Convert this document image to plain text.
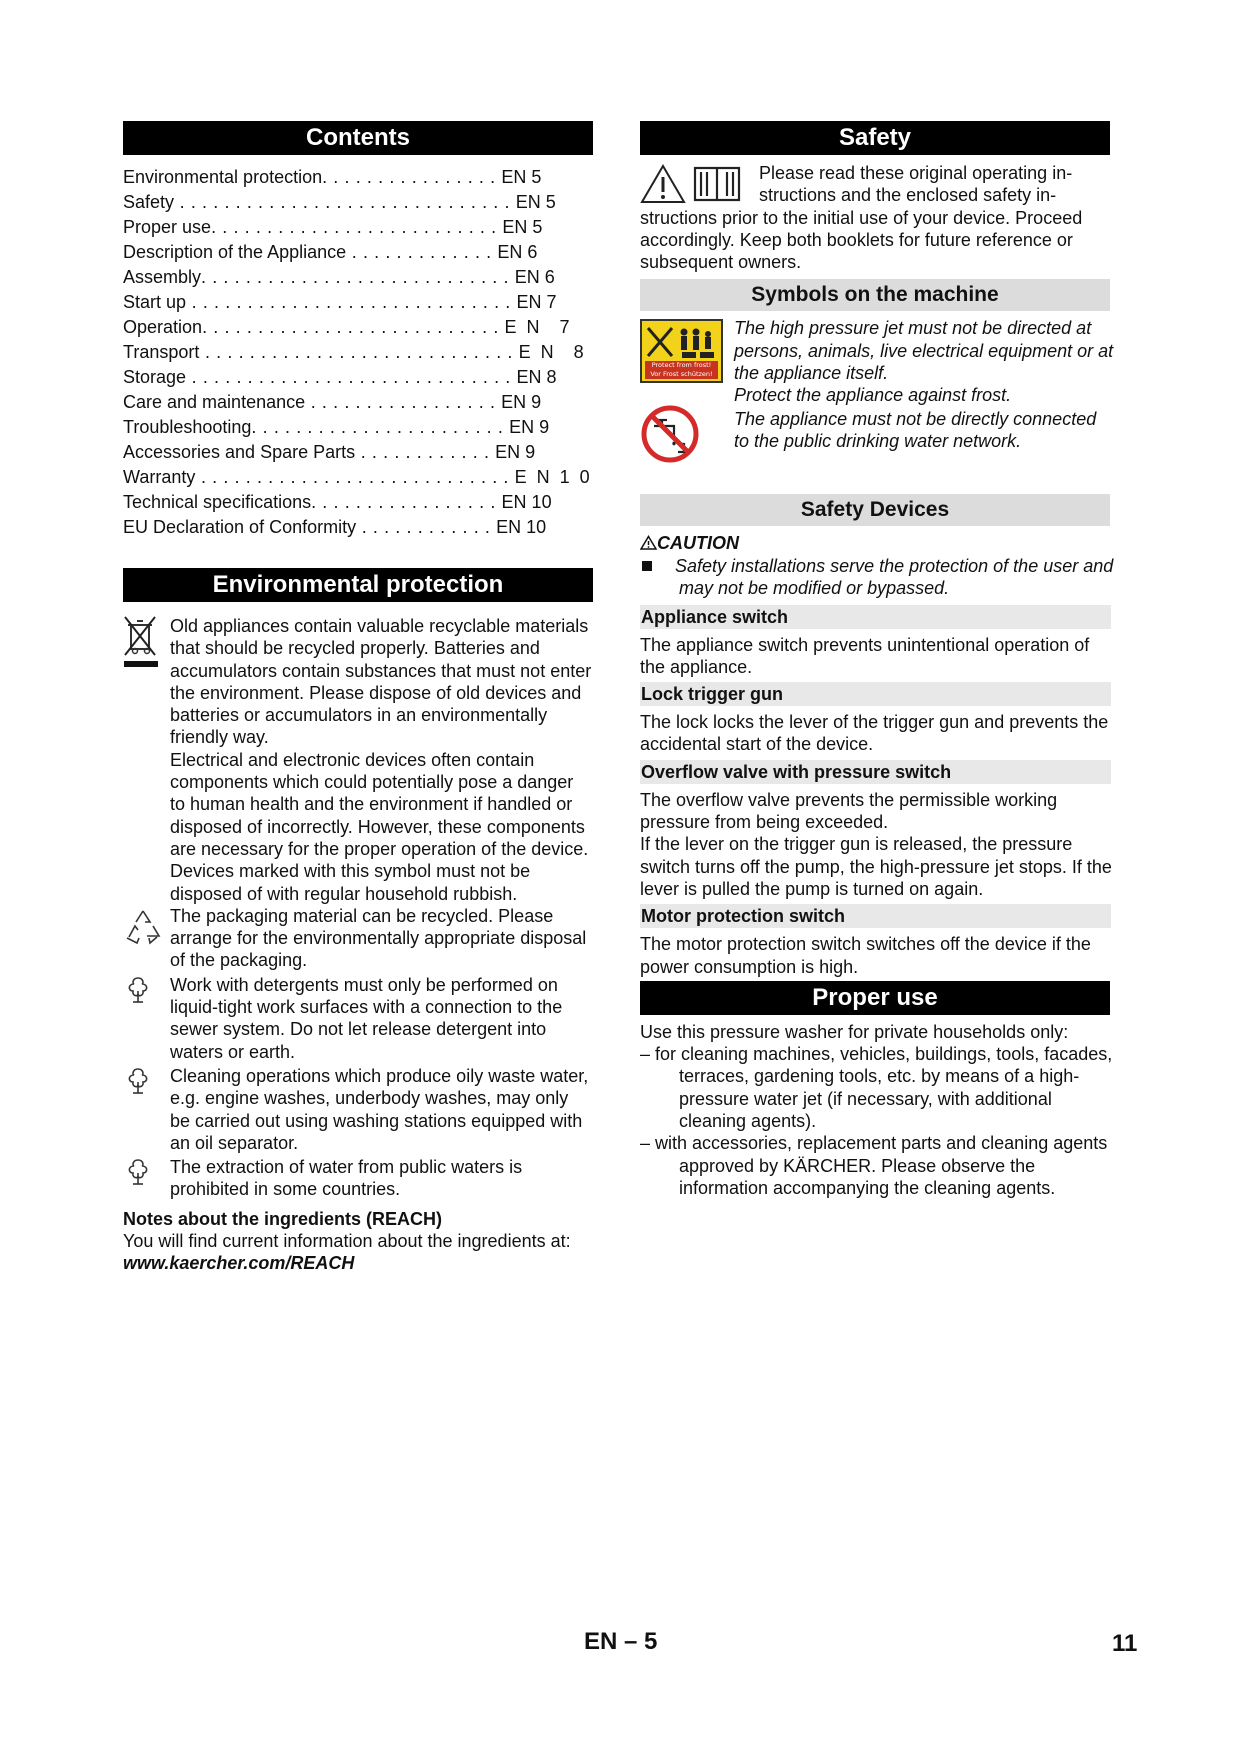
Contents
Environmental protection. . . . . . . . . . . . . . . . EN 5
Safety . . . . . . . . . . . . . . . . . . . . . . . . . . . . . . EN 5
Proper use. . . . . . . . . . . . . . . . . . . . . . . . . . EN 5
Description of the Appliance . . . . . . . . . . . . . EN 6
Assembly. . . . . . . . . . . . . . . . . . . . . . . . . . . . EN 6
Start up . . . . . . . . . . . . . . . . . . . . . . . . . . . . . EN 7
Operation. . . . . . . . . . . . . . . . . . . . . . . . . . . E  N    7
Transport . . . . . . . . . . . . . . . . . . . . . . . . . . . . E  N    8
Storage . . . . . . . . . . . . . . . . . . . . . . . . . . . . . EN 8
Care and maintenance . . . . . . . . . . . . . . . . . EN 9
Troubleshooting. . . . . . . . . . . . . . . . . . . . . . . EN 9
Accessories and Spare Parts . . . . . . . . . . . . EN 9
Warranty . . . . . . . . . . . . . . . . . . . . . . . . . . . . E  N  1  0
Technical specifications. . . . . . . . . . . . . . . . . EN 10
EU Declaration of Conformity . . . . . . . . . . . . EN 10
Environmental protection
Old appliances contain valuable recyclable materials that should be recycled properly. Batteries and accumulators contain substances that must not enter the environment. Please dispose of old devices and batteries or accumulators in an environmentally friendly way.
Electrical and electronic devices often contain components which could potentially pose a danger to human health and the environment if handled or disposed of incorrectly. However, these components are necessary for the proper operation of the device. Devices marked with this symbol must not be disposed of with regular household rubbish.
The packaging material can be recycled. Please arrange for the environmentally appropriate disposal of the packaging.
Work with detergents must only be performed on liquid-tight work surfaces with a connection to the sewer system. Do not let release detergent into waters or earth.
Cleaning operations which produce oily waste water, e.g. engine washes, underbody washes, may only be carried out using washing stations equipped with an oil separator.
The extraction of water from public waters is prohibited in some countries.
Notes about the ingredients (REACH)
You will find current information about the ingredients at:
www.kaercher.com/REACH
Safety
Please read these original operating in-
structions and the enclosed safety in-
structions prior to the initial use of your device. Proceed accordingly. Keep both booklets for future reference or subsequent owners.
Symbols on the machine
Protect from frost!
Vor Frost schützen!
The high pressure jet must not be directed at persons, animals, live electrical equipment or at the appliance itself.
Protect the appliance against frost.
The appliance must not be directly connected to the public drinking water network.
Safety Devices
CAUTION
Safety installations serve the protection of the user and may not be modified or bypassed.
Appliance switch
The appliance switch prevents unintentional operation of the appliance.
Lock trigger gun
The lock locks the lever of the trigger gun and prevents the accidental start of the device.
Overflow valve with pressure switch
The overflow valve prevents the permissible working pressure from being exceeded.
If the lever on the trigger gun is released, the pressure switch turns off the pump, the high-pressure jet stops. If the lever is pulled the pump is turned on again.
Motor protection switch
The motor protection switch switches off the device if the power consumption is high.
Proper use
Use this pressure washer for private households only:
– for cleaning machines, vehicles, buildings, tools, facades, terraces, gardening tools, etc. by means of a high-pressure water jet (if necessary, with additional cleaning agents).
– with accessories, replacement parts and cleaning agents approved by KÄRCHER. Please observe the information accompanying the cleaning agents.
EN – 5	11
